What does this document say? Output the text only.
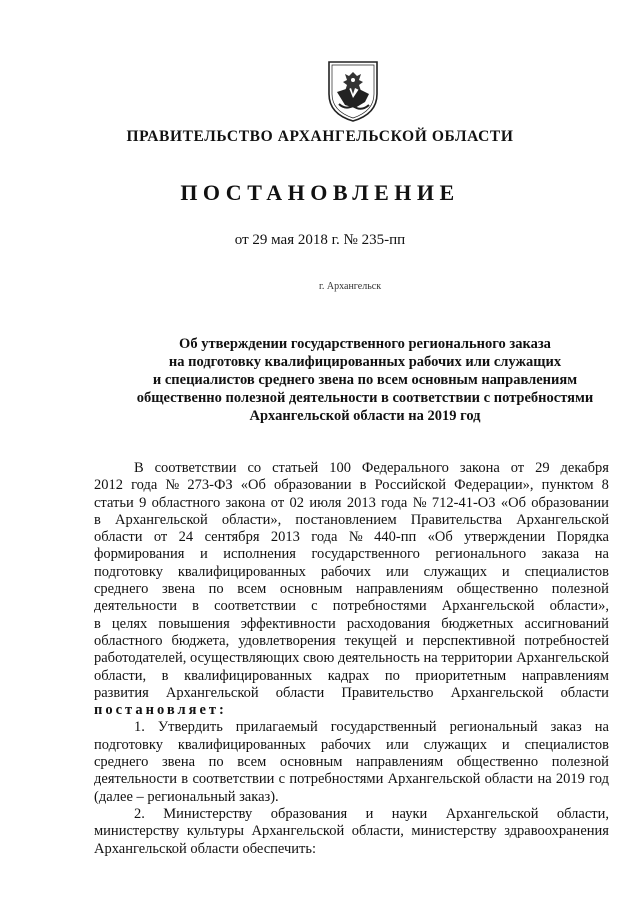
ПРАВИТЕЛЬСТВО АРХАНГЕЛЬСКОЙ ОБЛАСТИ
ПОСТАНОВЛЕНИЕ
от 29 мая 2018 г. № 235-пп
г. Архангельск
Об утверждении государственного регионального заказа
на подготовку квалифицированных рабочих или служащих
и специалистов среднего звена по всем основным направлениям
общественно полезной деятельности в соответствии с потребностями
Архангельской области на 2019 год
В соответствии со статьей 100 Федерального закона от 29 декабря
2012 года № 273-ФЗ «Об образовании в Российской Федерации», пунктом 8
статьи 9 областного закона от 02 июля 2013 года № 712-41-ОЗ «Об образовании
в Архангельской области», постановлением Правительства Архангельской
области от 24 сентября 2013 года № 440-пп «Об утверждении Порядка
формирования и исполнения государственного регионального заказа на
подготовку квалифицированных рабочих или служащих и специалистов
среднего звена по всем основным направлениям общественно полезной
деятельности в соответствии с потребностями Архангельской области»,
в целях повышения эффективности расходования бюджетных ассигнований
областного бюджета, удовлетворения текущей и перспективной потребностей
работодателей, осуществляющих свою деятельность на территории Архангельской
области, в квалифицированных кадрах по приоритетным направлениям
развития Архангельской области Правительство Архангельской области
постановляет:
1. Утвердить прилагаемый государственный региональный заказ на
подготовку квалифицированных рабочих или служащих и специалистов
среднего звена по всем основным направлениям общественно полезной
деятельности в соответствии с потребностями Архангельской области на 2019 год
(далее – региональный заказ).
2. Министерству образования и науки Архангельской области,
министерству культуры Архангельской области, министерству здравоохранения
Архангельской области обеспечить:
